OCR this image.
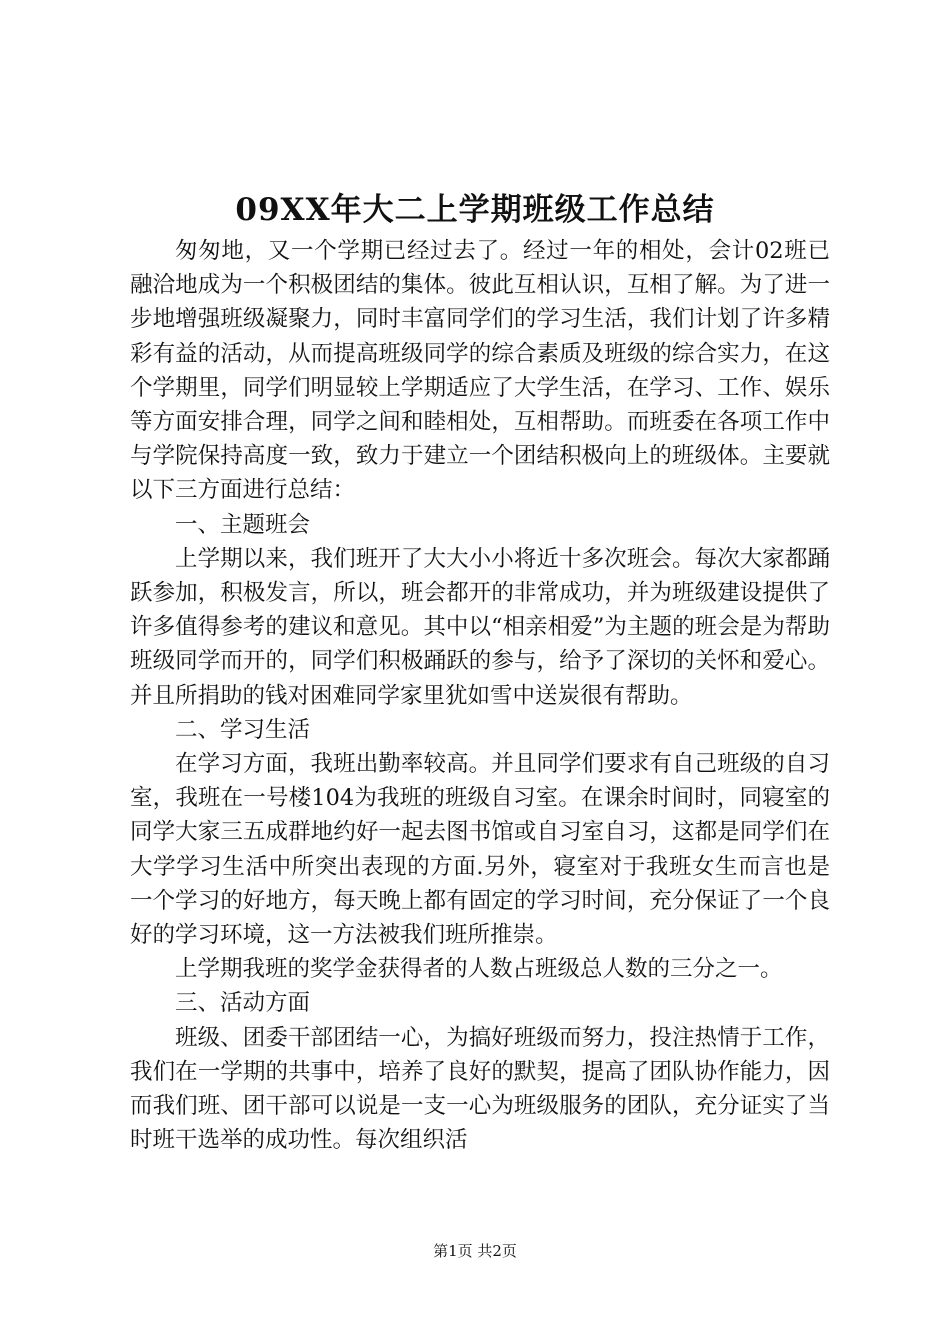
09XX年大二上学期班级工作总结

匆匆地，又一个学期已经过去了。经过一年的相处，会计02班已融洽地成为一个积极团结的集体。彼此互相认识，互相了解。为了进一步地增强班级凝聚力，同时丰富同学们的学习生活，我们计划了许多精彩有益的活动，从而提高班级同学的综合素质及班级的综合实力，在这个学期里，同学们明显较上学期适应了大学生活，在学习、工作、娱乐等方面安排合理，同学之间和睦相处，互相帮助。而班委在各项工作中与学院保持高度一致，致力于建立一个团结积极向上的班级体。主要就以下三方面进行总结：

一、主题班会

上学期以来，我们班开了大大小小将近十多次班会。每次大家都踊跃参加，积极发言，所以，班会都开的非常成功，并为班级建设提供了许多值得参考的建议和意见。其中以“相亲相爱”为主题的班会是为帮助班级同学而开的，同学们积极踊跃的参与，给予了深切的关怀和爱心。并且所捐助的钱对困难同学家里犹如雪中送炭很有帮助。

二、学习生活

在学习方面，我班出勤率较高。并且同学们要求有自己班级的自习室，我班在一号楼104为我班的班级自习室。在课余时间时，同寝室的同学大家三五成群地约好一起去图书馆或自习室自习，这都是同学们在大学学习生活中所突出表现的方面.另外，寝室对于我班女生而言也是一个学习的好地方，每天晚上都有固定的学习时间，充分保证了一个良好的学习环境，这一方法被我们班所推崇。

上学期我班的奖学金获得者的人数占班级总人数的三分之一。

三、活动方面

班级、团委干部团结一心，为搞好班级而努力，投注热情于工作，我们在一学期的共事中，培养了良好的默契，提高了团队协作能力，因而我们班、团干部可以说是一支一心为班级服务的团队，充分证实了当时班干选举的成功性。每次组织活

第1页 共2页
